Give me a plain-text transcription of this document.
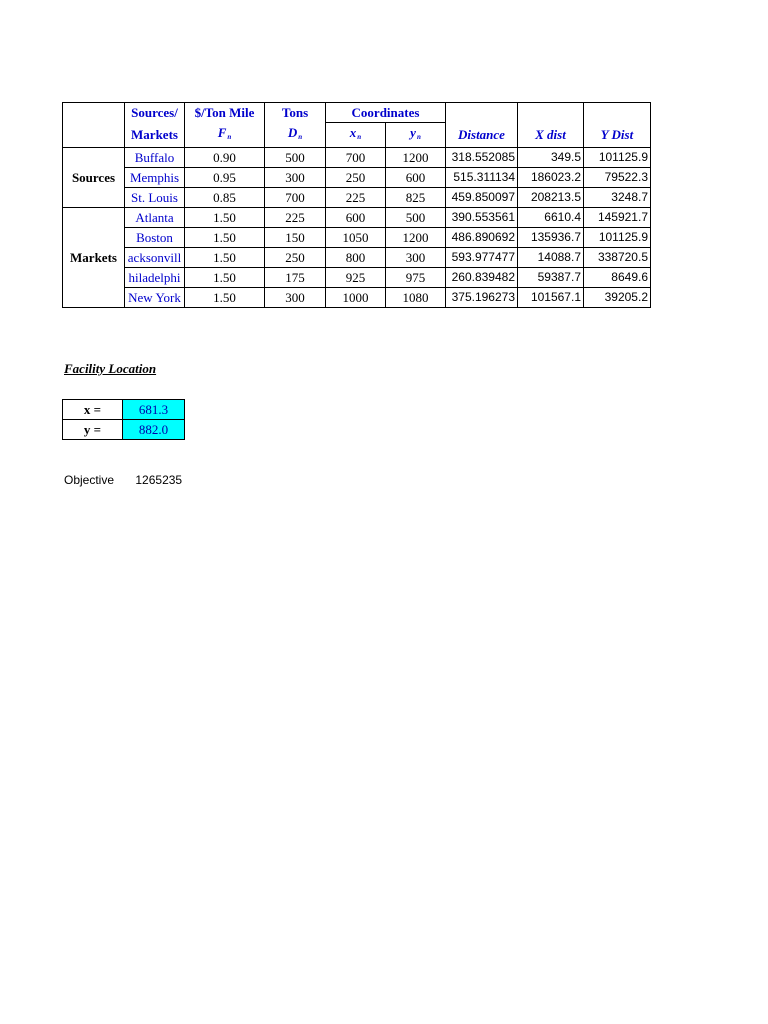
	Sources/	$/Ton Mile	Tons	Coordinates				
	Markets	$F_n$	$D_n$	$x_n$	$y_n$	Distance	X dist	Y Dist
Sources	Buffalo	0.90	500	700	1200	318.552085	349.5	101125.9
	Memphis	0.95	300	250	600	515.311134	186023.2	79522.3
	St. Louis	0.85	700	225	825	459.850097	208213.5	3248.7
Markets	Atlanta	1.50	225	600	500	390.553561	6610.4	145921.7
	Boston	1.50	150	1050	1200	486.890692	135936.7	101125.9
	acksonvill	1.50	250	800	300	593.977477	14088.7	338720.5
	hiladelphi	1.50	175	925	975	260.839482	59387.7	8649.6
	New York	1.50	300	1000	1080	375.196273	101567.1	39205.2
Facility Location
x =	681.3
y =	882.0
Objective 1265235
